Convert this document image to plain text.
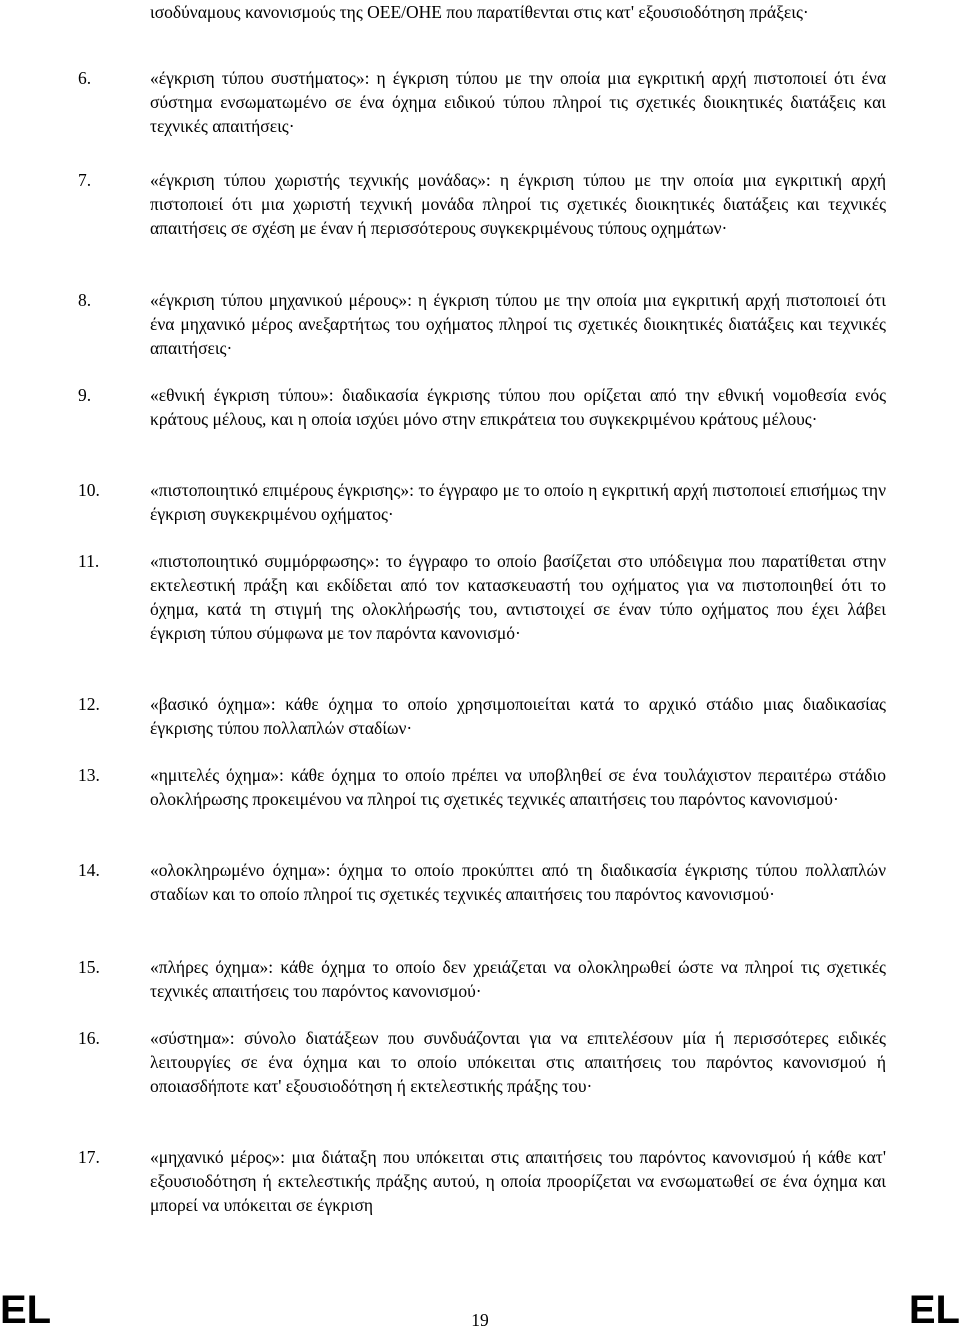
ισοδύναμους κανονισμούς της ΟΕΕ/ΟΗΕ που παρατίθενται στις κατ' εξουσιοδότηση πράξεις·

6.	«έγκριση τύπου συστήματος»: η έγκριση τύπου με την οποία μια εγκριτική αρχή πιστοποιεί ότι ένα σύστημα ενσωματωμένο σε ένα όχημα ειδικού τύπου πληροί τις σχετικές διοικητικές διατάξεις και τεχνικές απαιτήσεις·

7.	«έγκριση τύπου χωριστής τεχνικής μονάδας»: η έγκριση τύπου με την οποία μια εγκριτική αρχή πιστοποιεί ότι μια χωριστή τεχνική μονάδα πληροί τις σχετικές διοικητικές διατάξεις και τεχνικές απαιτήσεις σε σχέση με έναν ή περισσότερους συγκεκριμένους τύπους οχημάτων·

8.	«έγκριση τύπου μηχανικού μέρους»: η έγκριση τύπου με την οποία μια εγκριτική αρχή πιστοποιεί ότι ένα μηχανικό μέρος ανεξαρτήτως του οχήματος πληροί τις σχετικές διοικητικές διατάξεις και τεχνικές απαιτήσεις·

9.	«εθνική έγκριση τύπου»: διαδικασία έγκρισης τύπου που ορίζεται από την εθνική νομοθεσία ενός κράτους μέλους, και η οποία ισχύει μόνο στην επικράτεια του συγκεκριμένου κράτους μέλους·

10.	«πιστοποιητικό επιμέρους έγκρισης»: το έγγραφο με το οποίο η εγκριτική αρχή πιστοποιεί επισήμως την έγκριση συγκεκριμένου οχήματος·

11.	«πιστοποιητικό συμμόρφωσης»: το έγγραφο το οποίο βασίζεται στο υπόδειγμα που παρατίθεται στην εκτελεστική πράξη και εκδίδεται από τον κατασκευαστή του οχήματος για να πιστοποιηθεί ότι το όχημα, κατά τη στιγμή της ολοκλήρωσής του, αντιστοιχεί σε έναν τύπο οχήματος που έχει λάβει έγκριση τύπου σύμφωνα με τον παρόντα κανονισμό·

12.	«βασικό όχημα»: κάθε όχημα το οποίο χρησιμοποιείται κατά το αρχικό στάδιο μιας διαδικασίας έγκρισης τύπου πολλαπλών σταδίων·

13.	«ημιτελές όχημα»: κάθε όχημα το οποίο πρέπει να υποβληθεί σε ένα τουλάχιστον περαιτέρω στάδιο ολοκλήρωσης προκειμένου να πληροί τις σχετικές τεχνικές απαιτήσεις του παρόντος κανονισμού·

14.	«ολοκληρωμένο όχημα»: όχημα το οποίο προκύπτει από τη διαδικασία έγκρισης τύπου πολλαπλών σταδίων και το οποίο πληροί τις σχετικές τεχνικές απαιτήσεις του παρόντος κανονισμού·

15.	«πλήρες όχημα»: κάθε όχημα το οποίο δεν χρειάζεται να ολοκληρωθεί ώστε να πληροί τις σχετικές τεχνικές απαιτήσεις του παρόντος κανονισμού·

16.	«σύστημα»: σύνολο διατάξεων που συνδυάζονται για να επιτελέσουν μία ή περισσότερες ειδικές λειτουργίες σε ένα όχημα και το οποίο υπόκειται στις απαιτήσεις του παρόντος κανονισμού ή οποιασδήποτε κατ' εξουσιοδότηση ή εκτελεστικής πράξης του·

17.	«μηχανικό μέρος»: μια διάταξη που υπόκειται στις απαιτήσεις του παρόντος κανονισμού ή κάθε κατ' εξουσιοδότηση ή εκτελεστικής πράξης αυτού, η οποία προορίζεται να ενσωματωθεί σε ένα όχημα και μπορεί να υπόκειται σε έγκριση

EL	19	EL
